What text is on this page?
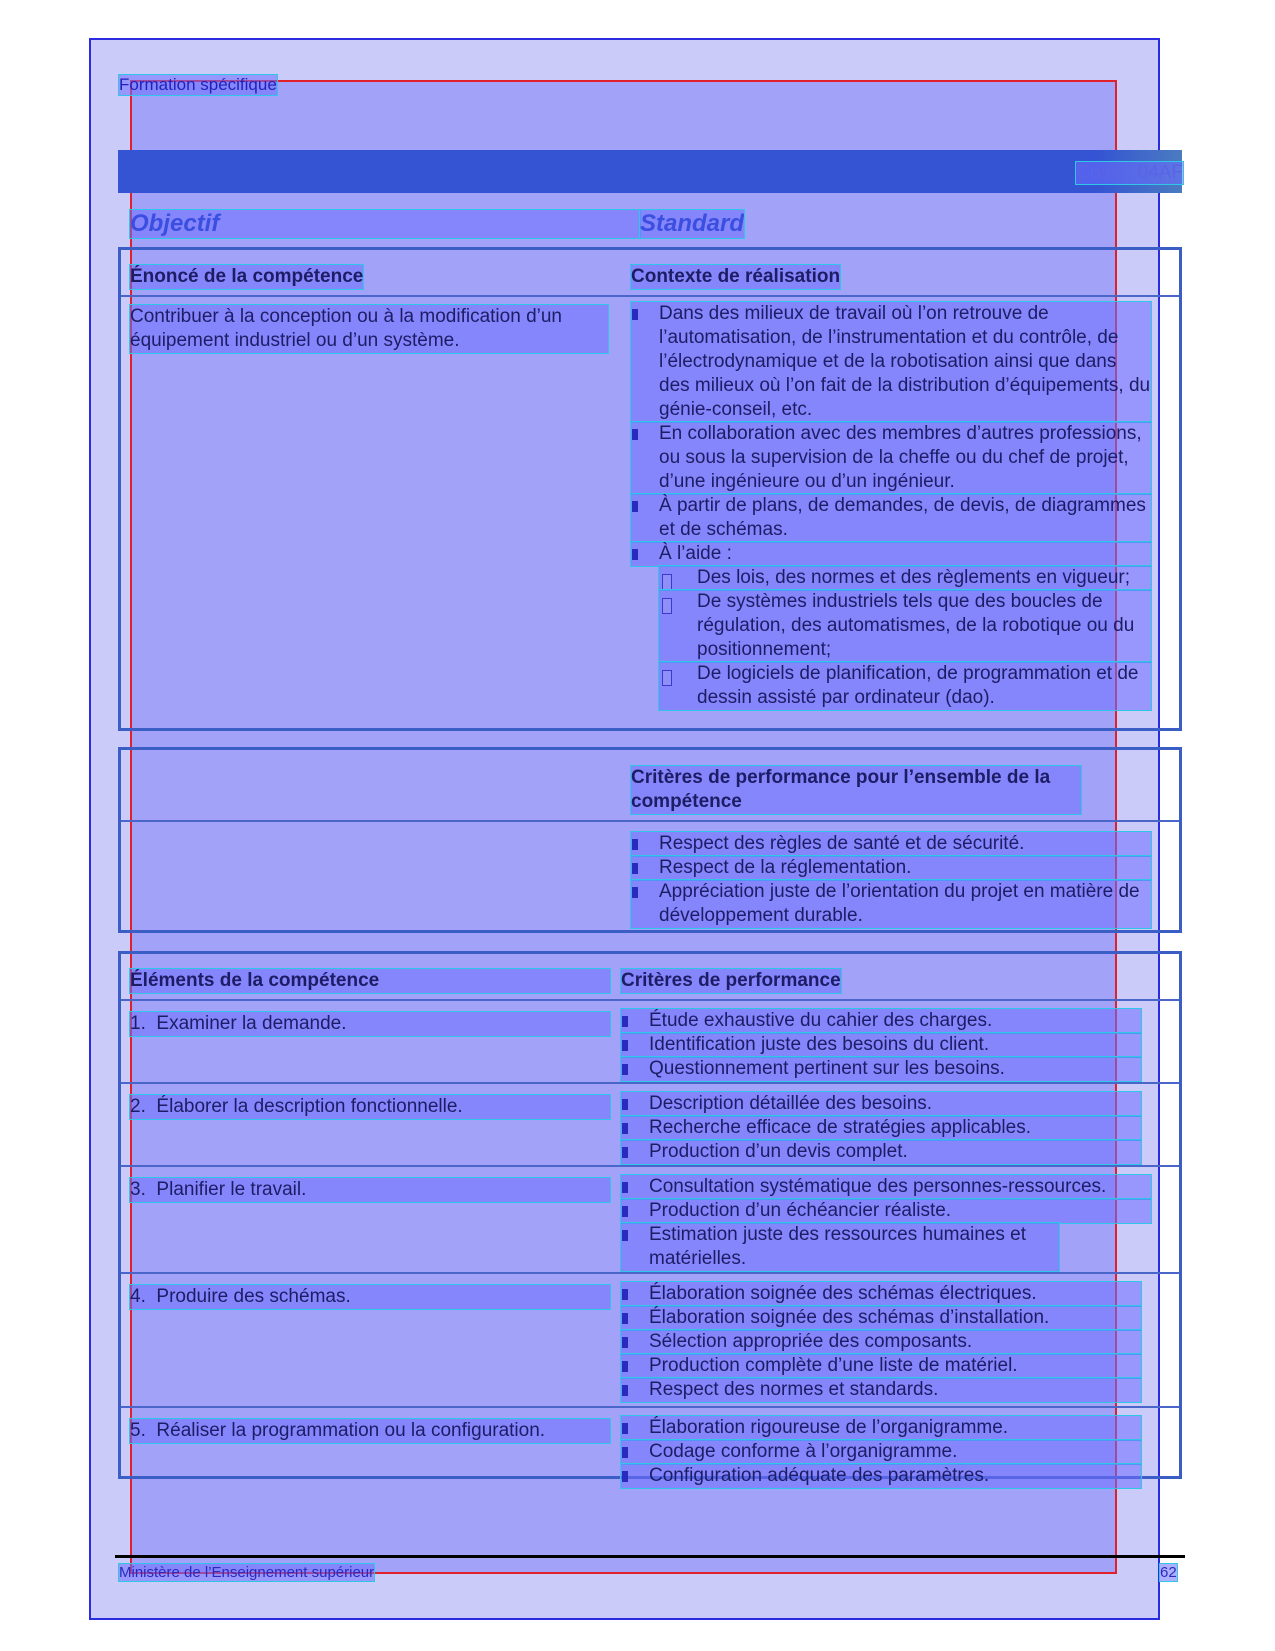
Formation spécifique
Code : 04AF
Objectif	Standard
Énoncé de la compétence	Contexte de réalisation
Contribuer à la conception ou à la modification d’un équipement industriel ou d’un système.
Dans des milieux de travail où l’on retrouve de l’automatisation, de l’instrumentation et du contrôle, de l’électrodynamique et de la robotisation ainsi que dans des milieux où l’on fait de la distribution d’équipements, du génie-conseil, etc.
En collaboration avec des membres d’autres professions, ou sous la supervision de la cheffe ou du chef de projet, d’une ingénieure ou d’un ingénieur.
À partir de plans, de demandes, de devis, de diagrammes et de schémas.
À l’aide :
Des lois, des normes et des règlements en vigueur;
De systèmes industriels tels que des boucles de régulation, des automatismes, de la robotique ou du positionnement;
De logiciels de planification, de programmation et de dessin assisté par ordinateur (dao).
Critères de performance pour l’ensemble de la compétence
Respect des règles de santé et de sécurité.
Respect de la réglementation.
Appréciation juste de l’orientation du projet en matière de développement durable.
Éléments de la compétence	Critères de performance
1. Examiner la demande.	Étude exhaustive du cahier des charges.
Identification juste des besoins du client.
Questionnement pertinent sur les besoins.
2. Élaborer la description fonctionnelle.	Description détaillée des besoins.
Recherche efficace de stratégies applicables.
Production d’un devis complet.
3. Planifier le travail.	Consultation systématique des personnes-ressources.
Production d’un échéancier réaliste.
Estimation juste des ressources humaines et matérielles.
4. Produire des schémas.	Élaboration soignée des schémas électriques.
Élaboration soignée des schémas d’installation.
Sélection appropriée des composants.
Production complète d’une liste de matériel.
Respect des normes et standards.
5. Réaliser la programmation ou la configuration.	Élaboration rigoureuse de l’organigramme.
Codage conforme à l’organigramme.
Configuration adéquate des paramètres.
Ministère de l’Enseignement supérieur	62
